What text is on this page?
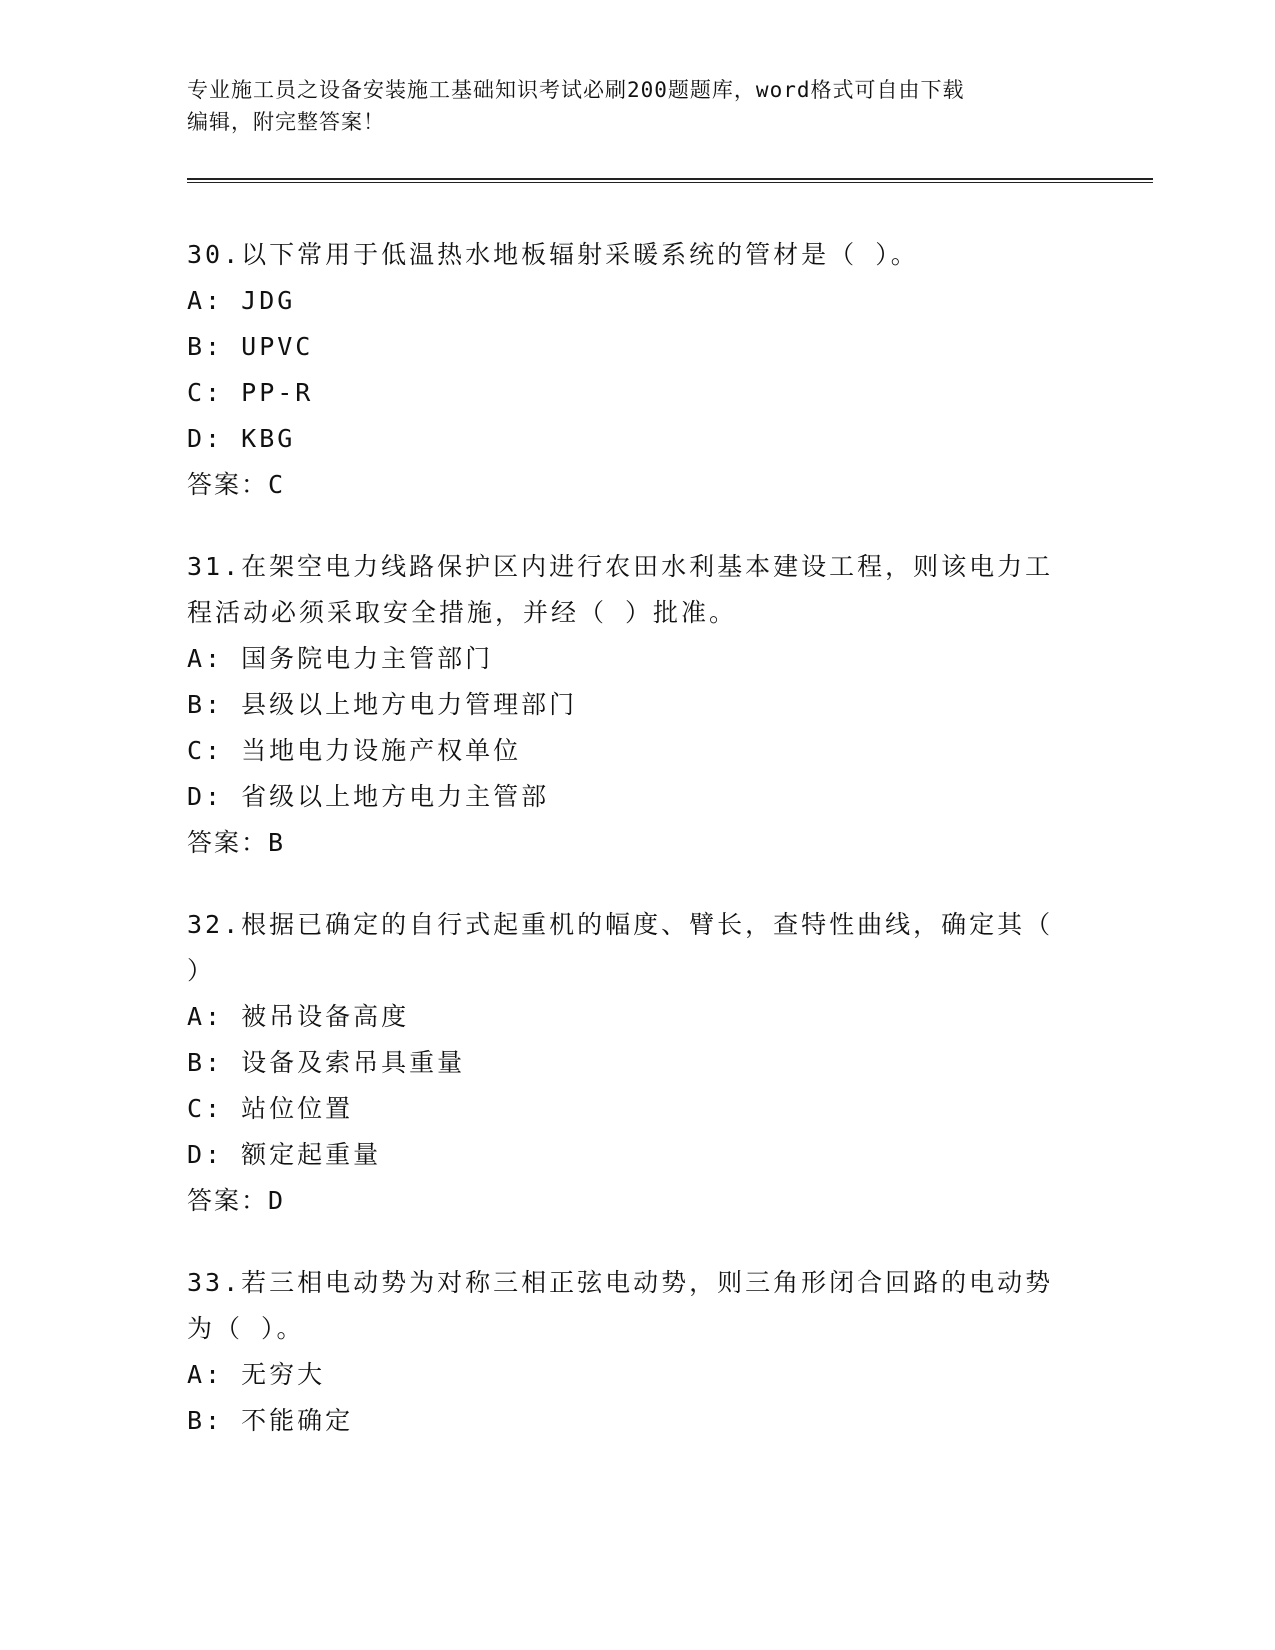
专业施工员之设备安装施工基础知识考试必刷200题题库，word格式可自由下载
编辑，附完整答案！
30.以下常用于低温热水地板辐射采暖系统的管材是（ ）。
A: JDG
B: UPVC
C: PP-R
D: KBG
答案：C
31.在架空电力线路保护区内进行农田水利基本建设工程，则该电力工
程活动必须采取安全措施，并经（ ）批准。
A: 国务院电力主管部门
B: 县级以上地方电力管理部门
C: 当地电力设施产权单位
D: 省级以上地方电力主管部
答案：B
32.根据已确定的自行式起重机的幅度、臂长，查特性曲线，确定其（
）
A: 被吊设备高度
B: 设备及索吊具重量
C: 站位位置
D: 额定起重量
答案：D
33.若三相电动势为对称三相正弦电动势，则三角形闭合回路的电动势
为（ ）。
A: 无穷大
B: 不能确定
